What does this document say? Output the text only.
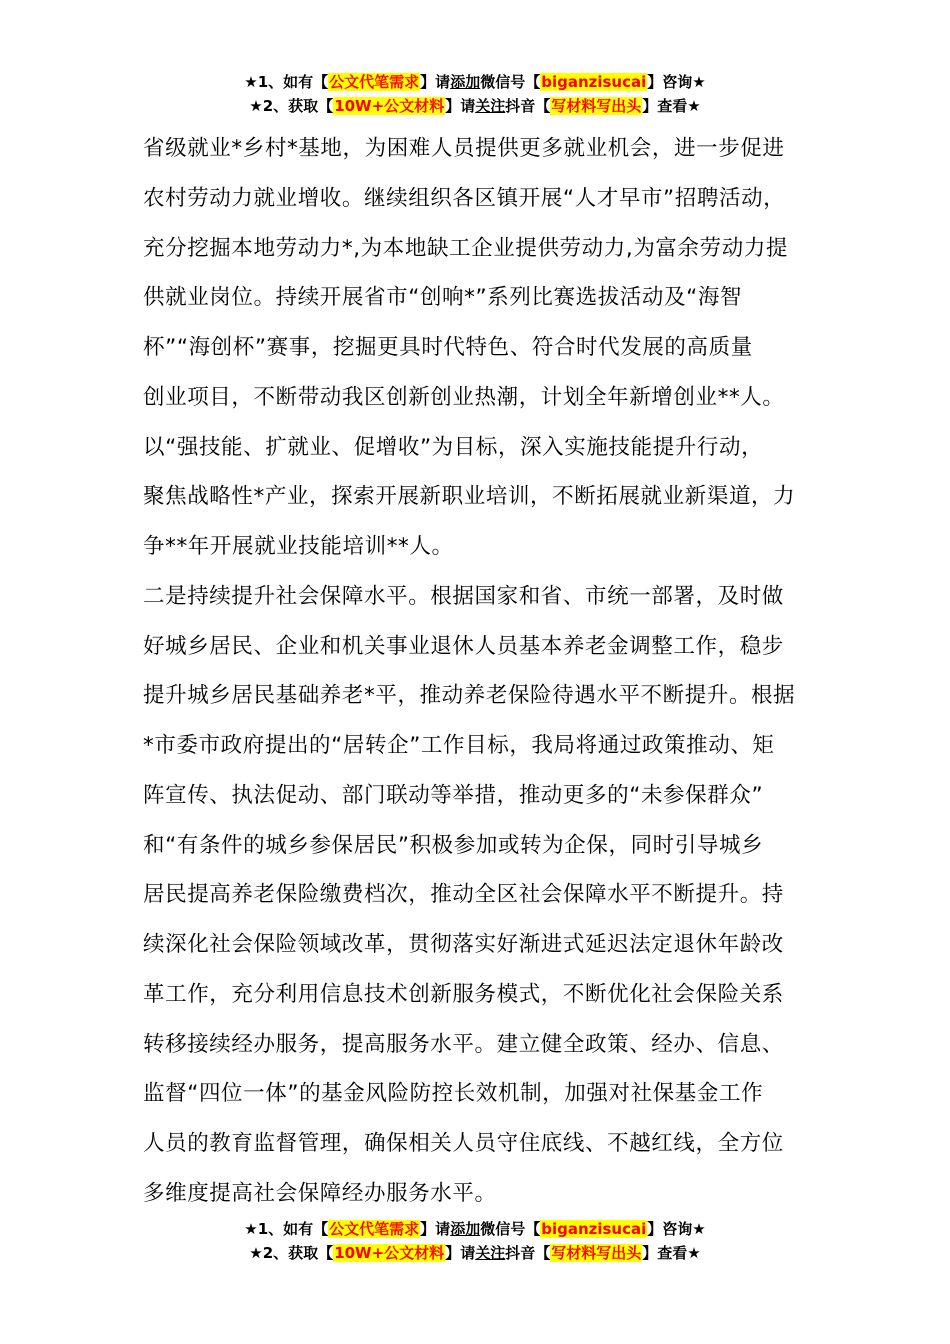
★1、如有【公文代笔需求】请添加微信号【biganzisucai】咨询★
★2、获取【10W+公文材料】请关注抖音【写材料写出头】查看★
省级就业*乡村*基地，为困难人员提供更多就业机会，进一步促进
农村劳动力就业增收。继续组织各区镇开展“人才早市”招聘活动，
充分挖掘本地劳动力*,为本地缺工企业提供劳动力,为富余劳动力提
供就业岗位。持续开展省市“创响*”系列比赛选拔活动及“海智
杯”“海创杯”赛事，挖掘更具时代特色、符合时代发展的高质量
创业项目，不断带动我区创新创业热潮，计划全年新增创业**人。
以“强技能、扩就业、促增收”为目标，深入实施技能提升行动，
聚焦战略性*产业，探索开展新职业培训，不断拓展就业新渠道，力
争**年开展就业技能培训**人。
二是持续提升社会保障水平。根据国家和省、市统一部署，及时做
好城乡居民、企业和机关事业退休人员基本养老金调整工作，稳步
提升城乡居民基础养老*平，推动养老保险待遇水平不断提升。根据
*市委市政府提出的“居转企”工作目标，我局将通过政策推动、矩
阵宣传、执法促动、部门联动等举措，推动更多的“未参保群众”
和“有条件的城乡参保居民”积极参加或转为企保，同时引导城乡
居民提高养老保险缴费档次，推动全区社会保障水平不断提升。持
续深化社会保险领域改革，贯彻落实好渐进式延迟法定退休年龄改
革工作，充分利用信息技术创新服务模式，不断优化社会保险关系
转移接续经办服务，提高服务水平。建立健全政策、经办、信息、
监督“四位一体”的基金风险防控长效机制，加强对社保基金工作
人员的教育监督管理，确保相关人员守住底线、不越红线，全方位
多维度提高社会保障经办服务水平。
★1、如有【公文代笔需求】请添加微信号【biganzisucai】咨询★
★2、获取【10W+公文材料】请关注抖音【写材料写出头】查看★
